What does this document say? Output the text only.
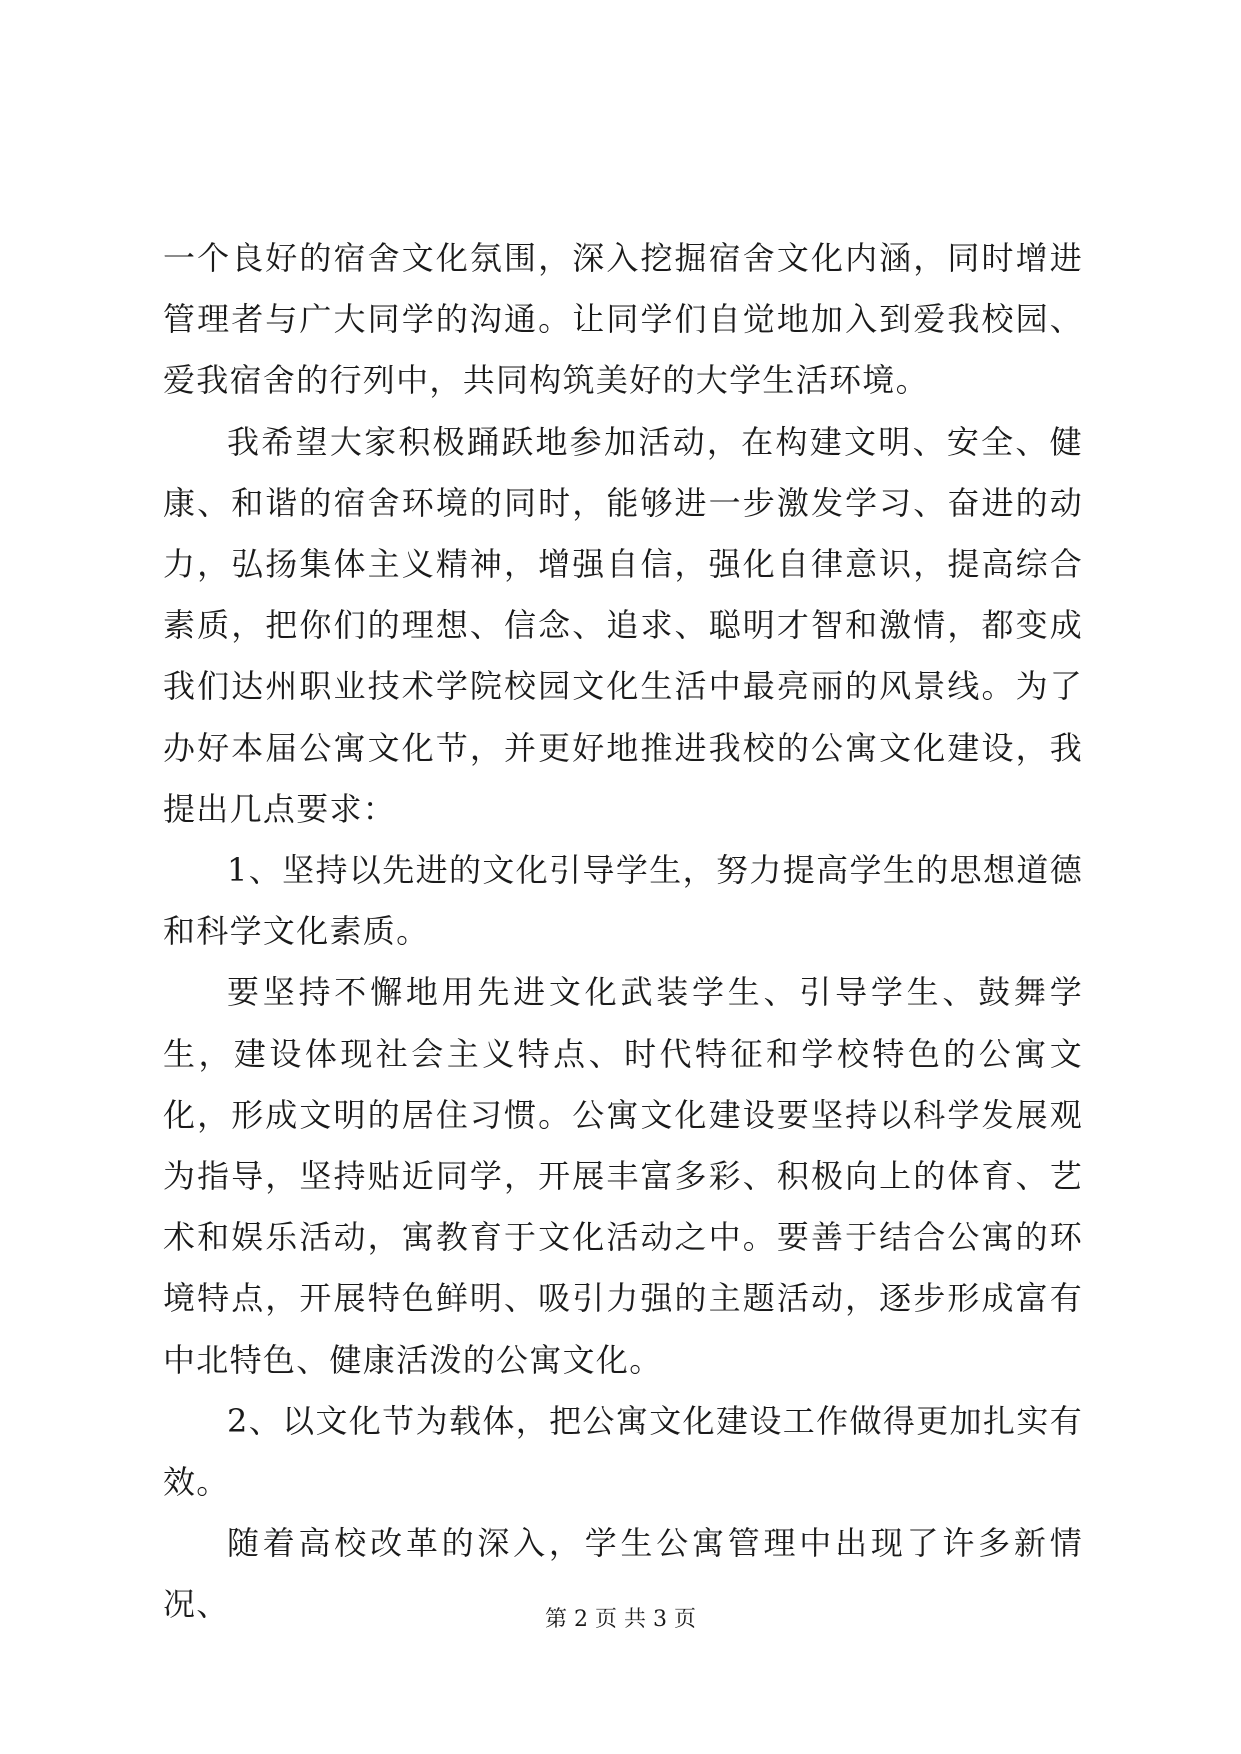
一个良好的宿舍文化氛围，深入挖掘宿舍文化内涵，同时增进管理者与广大同学的沟通。让同学们自觉地加入到爱我校园、爱我宿舍的行列中，共同构筑美好的大学生活环境。

我希望大家积极踊跃地参加活动，在构建文明、安全、健康、和谐的宿舍环境的同时，能够进一步激发学习、奋进的动力，弘扬集体主义精神，增强自信，强化自律意识，提高综合素质，把你们的理想、信念、追求、聪明才智和激情，都变成我们达州职业技术学院校园文化生活中最亮丽的风景线。为了办好本届公寓文化节，并更好地推进我校的公寓文化建设，我提出几点要求：

1、坚持以先进的文化引导学生，努力提高学生的思想道德和科学文化素质。

要坚持不懈地用先进文化武装学生、引导学生、鼓舞学生，建设体现社会主义特点、时代特征和学校特色的公寓文化，形成文明的居住习惯。公寓文化建设要坚持以科学发展观为指导，坚持贴近同学，开展丰富多彩、积极向上的体育、艺术和娱乐活动，寓教育于文化活动之中。要善于结合公寓的环境特点，开展特色鲜明、吸引力强的主题活动，逐步形成富有中北特色、健康活泼的公寓文化。

2、以文化节为载体，把公寓文化建设工作做得更加扎实有效。

随着高校改革的深入，学生公寓管理中出现了许多新情况、	第 2 页 共 3 页
